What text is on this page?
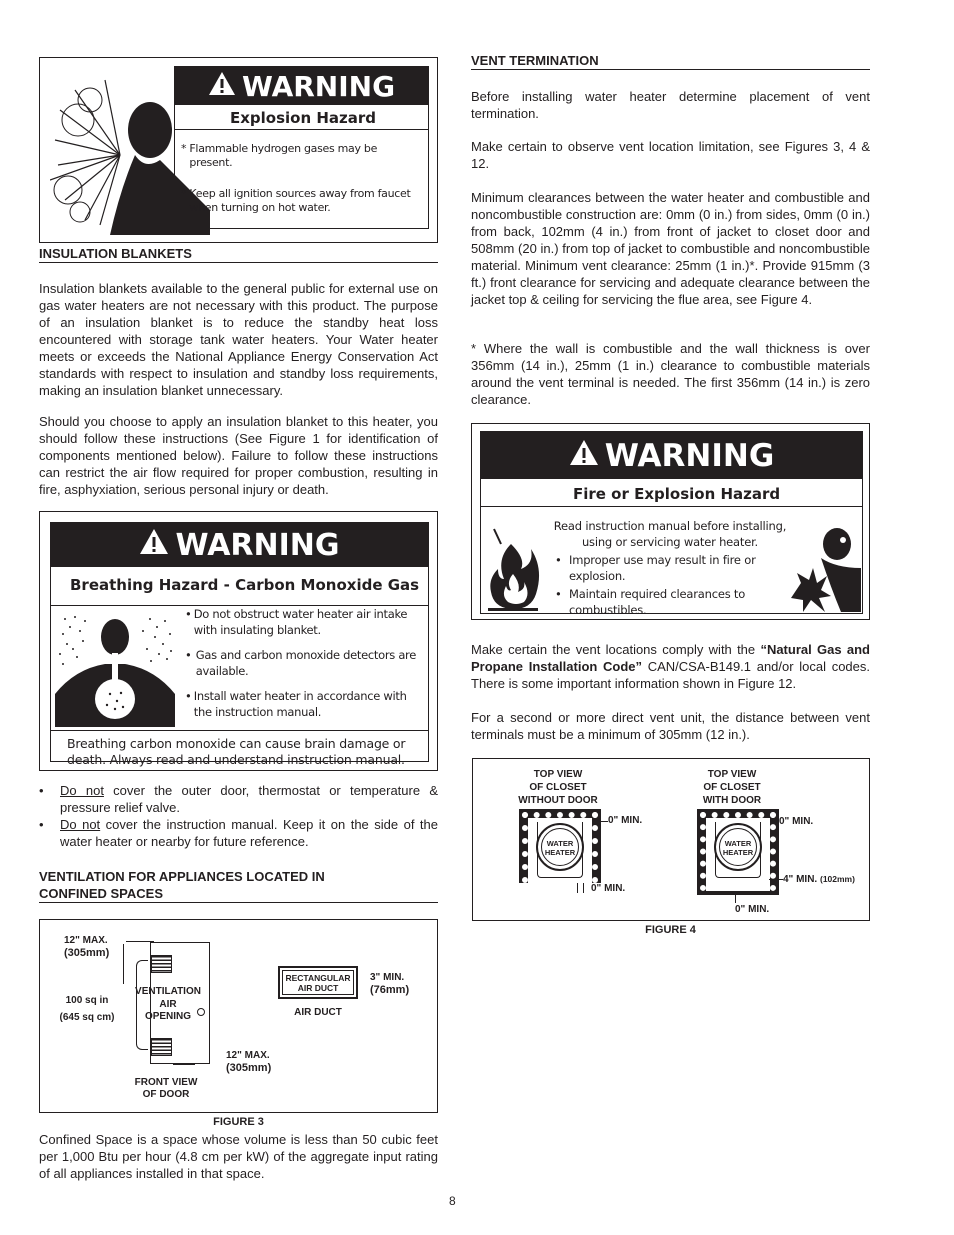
WARNING
Explosion Hazard
* Flammable hydrogen gases may be present.
* Keep all ignition sources away from faucet when turning on hot water.
INSULATION BLANKETS
Insulation blankets available to the general public for external use on gas water heaters are not necessary with this product. The purpose of an insulation blanket is to reduce the standby heat loss encountered with storage tank water heaters. Your Water heater meets or exceeds the National Appliance Energy Conservation Act standards with respect to insulation and standby loss requirements, making an insulation blanket unnecessary.
Should you choose to apply an insulation blanket to this heater, you should follow these instructions (See Figure 1 for identification of components mentioned below). Failure to follow these instructions can restrict the air flow required for proper combustion, resulting in fire, asphyxiation, serious personal injury or death.
WARNING
Breathing Hazard - Carbon Monoxide Gas
• Do not obstruct water heater air intake with insulating blanket.
• Gas and carbon monoxide detectors are available.
• Install water heater in accordance with the instruction manual.
Breathing carbon monoxide can cause brain damage or death. Always read and understand instruction manual.
•	Do not cover the outer door, thermostat or temperature & pressure relief valve.
•	Do not cover the instruction manual. Keep it on the side of the water heater or nearby for future reference.
VENTILATION FOR APPLIANCES LOCATED IN
CONFINED SPACES
12" MAX.
(305mm)
100 sq in
(645 sq cm)
VENTILATION
AIR
OPENING
12" MAX.
(305mm)
FRONT VIEW
OF DOOR
RECTANGULAR
AIR DUCT
3" MIN.
(76mm)
AIR DUCT
FIGURE 3
Confined Space is a space whose volume is less than 50 cubic feet per 1,000 Btu per hour (4.8 cm per kW) of the aggregate input rating of all appliances installed in that space.
VENT TERMINATION
Before installing water heater determine placement of vent termination.
Make certain to observe vent location limitation, see Figures 3, 4 & 12.
Minimum clearances between the water heater and combustible and noncombustible construction are: 0mm (0 in.) from sides, 0mm (0 in.) from back, 102mm (4 in.) from front of jacket to closet door and 508mm (20 in.) from top of jacket to combustible and noncombustible material. Minimum vent clearance: 25mm (1 in.)*. Provide 915mm (3 ft.) front clearance for servicing and adequate clearance between the jacket top & ceiling for servicing the flue area, see Figure 4.
* Where the wall is combustible and the wall thickness is over 356mm (14 in.), 25mm (1 in.) clearance to combustible materials around the vent terminal is needed. The first 356mm (14 in.) is zero clearance.
WARNING
Fire or Explosion Hazard
Read instruction manual before installing, using or servicing water heater.
• Improper use may result in fire or explosion.
• Maintain required clearances to combustibles.
Make certain the vent locations comply with the “Natural Gas and Propane Installation Code” CAN/CSA-B149.1 and/or local codes. There is some important information shown in Figure 12.
For a second or more direct vent unit, the distance between vent terminals must be a minimum of 305mm (12 in.).
TOP VIEW
OF CLOSET
WITHOUT DOOR
TOP VIEW
OF CLOSET
WITH DOOR
WATER
HEATER
0" MIN.
0" MIN.
WATER
HEATER
0" MIN.
4" MIN. (102mm)
0" MIN.
FIGURE 4
8
